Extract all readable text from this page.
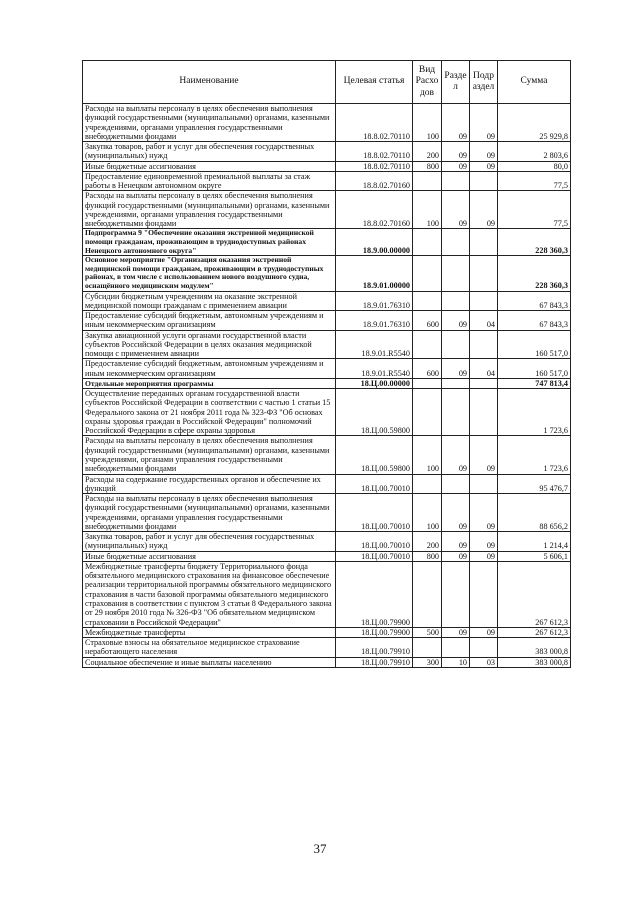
Наименование	Целевая статья	Вид Расхо дов	Разде л	Подр аздел	Сумма
Расходы на выплаты персоналу в целях обеспечения выполнения функций государственными (муниципальными) органами, казенными учреждениями, органами управления государственными внебюджетными фондами	18.8.02.70110	100	09	09	25 929,8
Закупка товаров, работ и услуг для обеспечения государственных (муниципальных) нужд	18.8.02.70110	200	09	09	2 803,6
Иные бюджетные ассигнования	18.8.02.70110	800	09	09	80,0
Предоставление единовременной премиальной выплаты за стаж работы в Ненецком автономном округе	18.8.02.70160				77,5
Расходы на выплаты персоналу в целях обеспечения выполнения функций государственными (муниципальными) органами, казенными учреждениями, органами управления государственными внебюджетными фондами	18.8.02.70160	100	09	09	77,5
Подпрограмма 9 "Обеспечение оказания экстренной медицинской помощи гражданам, проживающим в труднодоступных районах Ненецкого автономного округа"	18.9.00.00000				228 360,3
Основное мероприятие "Организация оказания экстренной медицинской помощи гражданам, проживающим в труднодоступных районах, в том числе с использованием нового воздушного судна, оснащённого медицинским модулем"	18.9.01.00000				228 360,3
Субсидии бюджетным учреждениям на оказание экстренной медицинской помощи гражданам с применением авиации	18.9.01.76310				67 843,3
Предоставление субсидий бюджетным, автономным учреждениям и иным некоммерческим организациям	18.9.01.76310	600	09	04	67 843,3
Закупка авиационной услуги органами государственной власти субъектов Российской Федерации в целях оказания медицинской помощи с применением авиации	18.9.01.R5540				160 517,0
Предоставление субсидий бюджетным, автономным учреждениям и иным некоммерческим организациям	18.9.01.R5540	600	09	04	160 517,0
Отдельные мероприятия программы	18.Ц.00.00000				747 813,4
Осуществление переданных органам государственной власти субъектов Российской Федерации в соответствии с частью 1 статьи 15 Федерального закона от 21 ноября 2011 года № 323-ФЗ "Об основах охраны здоровья граждан в Российской Федерации" полномочий Российской Федерации в сфере охраны здоровья	18.Ц.00.59800				1 723,6
Расходы на выплаты персоналу в целях обеспечения выполнения функций государственными (муниципальными) органами, казенными учреждениями, органами управления государственными внебюджетными фондами	18.Ц.00.59800	100	09	09	1 723,6
Расходы на содержание государственных органов и обеспечение их функций	18.Ц.00.70010				95 476,7
Расходы на выплаты персоналу в целях обеспечения выполнения функций государственными (муниципальными) органами, казенными учреждениями, органами управления государственными внебюджетными фондами	18.Ц.00.70010	100	09	09	88 656,2
Закупка товаров, работ и услуг для обеспечения государственных (муниципальных) нужд	18.Ц.00.70010	200	09	09	1 214,4
Иные бюджетные ассигнования	18.Ц.00.70010	800	09	09	5 606,1
Межбюджетные трансферты бюджету Территориального фонда обязательного медицинского страхования на финансовое обеспечение реализации территориальной программы обязательного медицинского страхования в части базовой программы обязательного медицинского страхования в соответствии с пунктом 3 статьи 8 Федерального закона от 29 ноября 2010 года № 326-ФЗ "Об обязательном медицинском страховании в Российской Федерации"	18.Ц.00.79900				267 612,3
Межбюджетные трансферты	18.Ц.00.79900	500	09	09	267 612,3
Страховые взносы на обязательное медицинское страхование неработающего населения	18.Ц.00.79910				383 000,8
Социальное обеспечение и иные выплаты населению	18.Ц.00.79910	300	10	03	383 000,8
37
